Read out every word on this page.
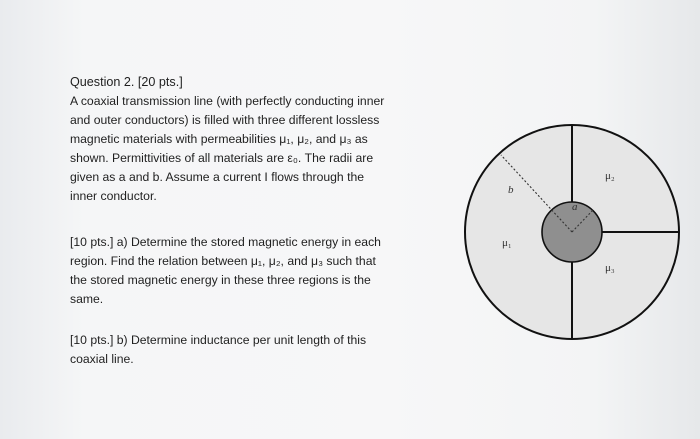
Question 2. [20 pts.]
A coaxial transmission line (with perfectly conducting inner
and outer conductors) is filled with three different lossless
magnetic materials with permeabilities μ₁, μ₂, and μ₃ as
shown. Permittivities of all materials are ε₀. The radii are
given as a and b. Assume a current I flows through the
inner conductor.
[10 pts.] a) Determine the stored magnetic energy in each
region. Find the relation between μ₁, μ₂, and μ₃ such that
the stored magnetic energy in these three regions is the
same.
[10 pts.] b) Determine inductance per unit length of this
coaxial line.
b
a
μ₂
μ₁
μ₃
